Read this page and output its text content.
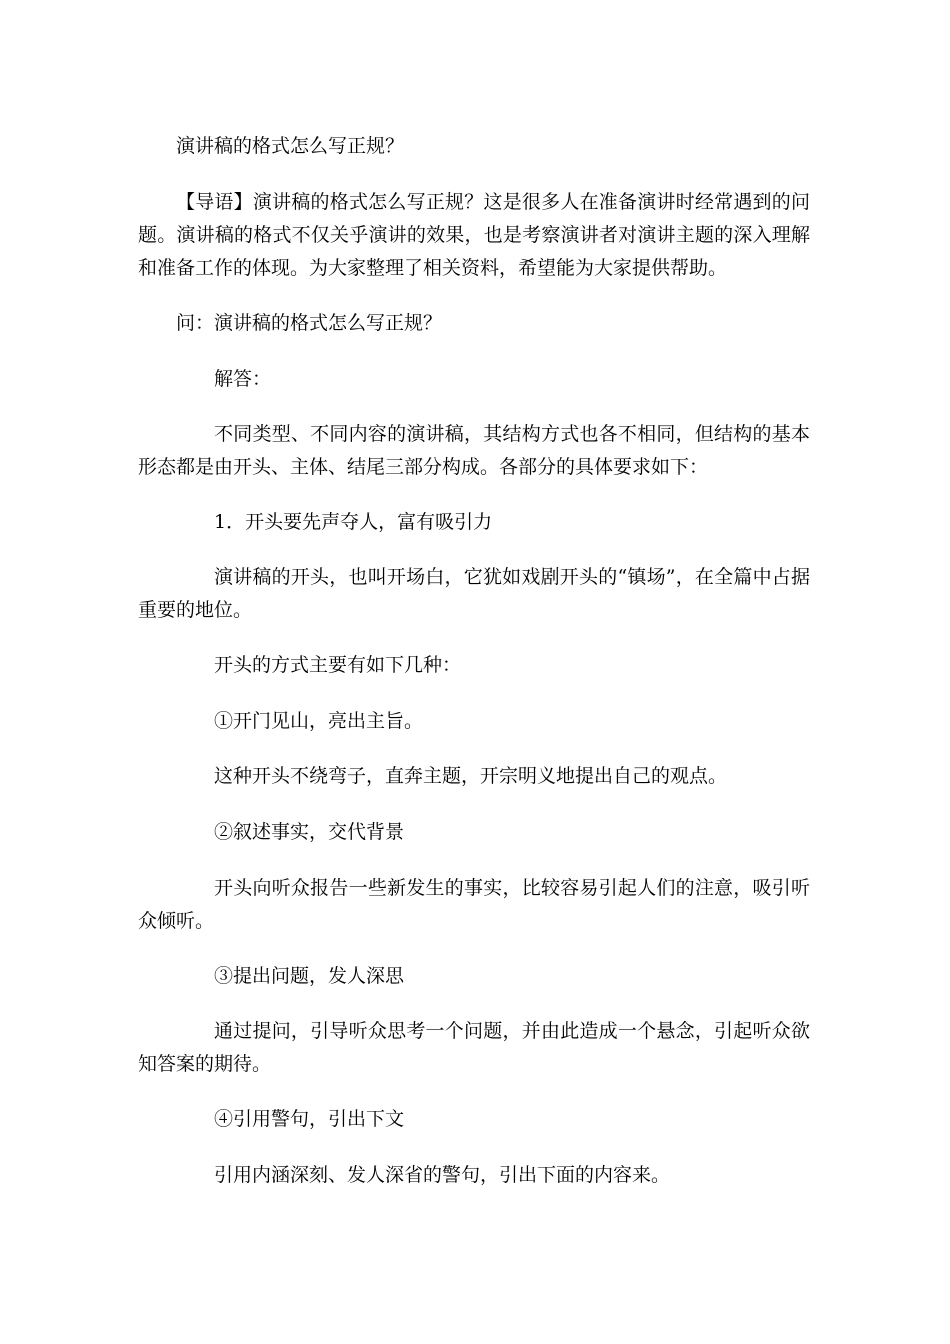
演讲稿的格式怎么写正规？

【导语】演讲稿的格式怎么写正规？这是很多人在准备演讲时经常遇到的问题。演讲稿的格式不仅关乎演讲的效果，也是考察演讲者对演讲主题的深入理解和准备工作的体现。为大家整理了相关资料，希望能为大家提供帮助。

问：演讲稿的格式怎么写正规？

解答：

不同类型、不同内容的演讲稿，其结构方式也各不相同，但结构的基本形态都是由开头、主体、结尾三部分构成。各部分的具体要求如下：

1．开头要先声夺人，富有吸引力

演讲稿的开头，也叫开场白，它犹如戏剧开头的“镇场”，在全篇中占据重要的地位。

开头的方式主要有如下几种：

①开门见山，亮出主旨。

这种开头不绕弯子，直奔主题，开宗明义地提出自己的观点。

②叙述事实，交代背景

开头向听众报告一些新发生的事实，比较容易引起人们的注意，吸引听众倾听。

③提出问题，发人深思

通过提问，引导听众思考一个问题，并由此造成一个悬念，引起听众欲知答案的期待。

④引用警句，引出下文

引用内涵深刻、发人深省的警句，引出下面的内容来。
